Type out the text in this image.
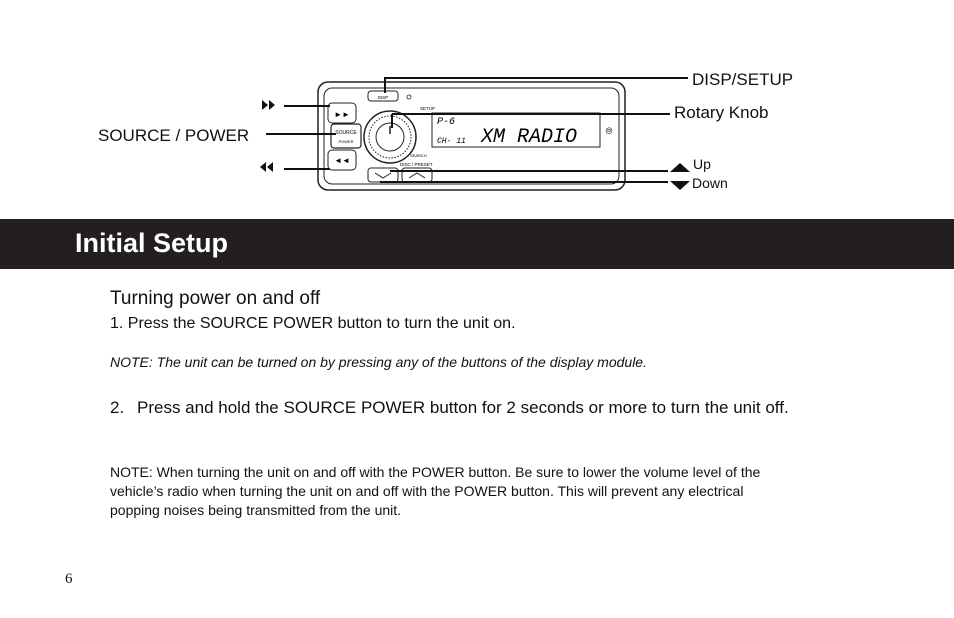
DISP
SETUP
►►
SOURCE
POWER
◄◄
SEARCH
P-6
CH- 11 XM RADIO	⦾
DISC / PRESET
DISP/SETUP
Rotary Knob
SOURCE / POWER
Up
Down
Initial Setup
Turning power on and off
1. Press the SOURCE POWER button to turn the unit on.
NOTE: The unit can be turned on by pressing any of the buttons of the display module.
2. Press and hold the SOURCE POWER button for 2 seconds or more to turn the unit off.
NOTE: When turning the unit on and off with the POWER button. Be sure to lower the volume level of the vehicle’s radio when turning the unit on and off with the POWER button. This will prevent any electrical popping noises being transmitted from the unit.
6
